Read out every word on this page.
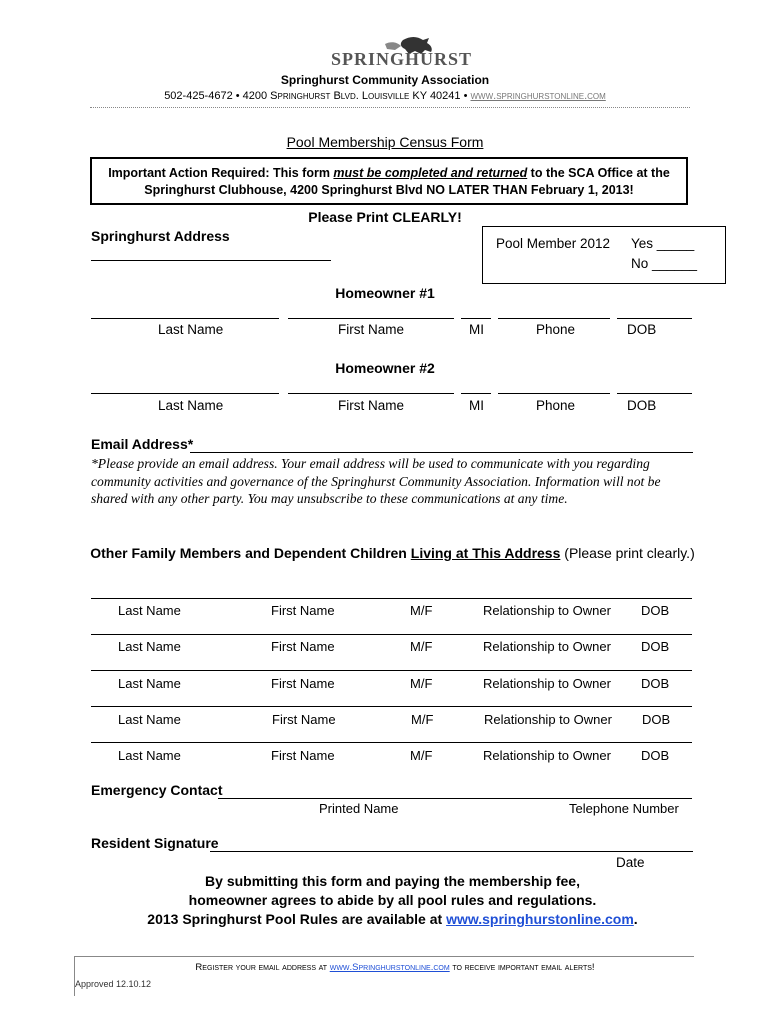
SPRINGHURST
Springhurst Community Association
502-425-4672 • 4200 Springhurst Blvd. Louisville KY 40241 • www.springhurstonline.com
Pool Membership Census Form
Important Action Required: This form must be completed and returned to the SCA Office at the
Springhurst Clubhouse, 4200 Springhurst Blvd NO LATER THAN February 1, 2013!
Please Print CLEARLY!
Springhurst Address	Pool Member 2012 Yes _____
No ______
Homeowner #1
Last Name	First Name	MI	Phone	DOB
Homeowner #2
Last Name	First Name	MI	Phone	DOB
Email Address*
*Please provide an email address. Your email address will be used to communicate with you regarding community activities and governance of the Springhurst Community Association. Information will not be shared with any other party. You may unsubscribe to these communications at any time.
Other Family Members and Dependent Children Living at This Address (Please print clearly.)
Last Name	First Name	M/F	Relationship to Owner DOB
Last Name	First Name	M/F	Relationship to Owner DOB
Last Name	First Name	M/F	Relationship to Owner DOB
Last Name	First Name	M/F	Relationship to Owner DOB
Last Name	First Name	M/F	Relationship to Owner DOB
Emergency Contact
Printed Name	Telephone Number
Resident Signature
Date
By submitting this form and paying the membership fee,
homeowner agrees to abide by all pool rules and regulations.
2013 Springhurst Pool Rules are available at www.springhurstonline.com.
Register your email address at www.Springhurstonline.com to receive important email alerts!
Approved 12.10.12
